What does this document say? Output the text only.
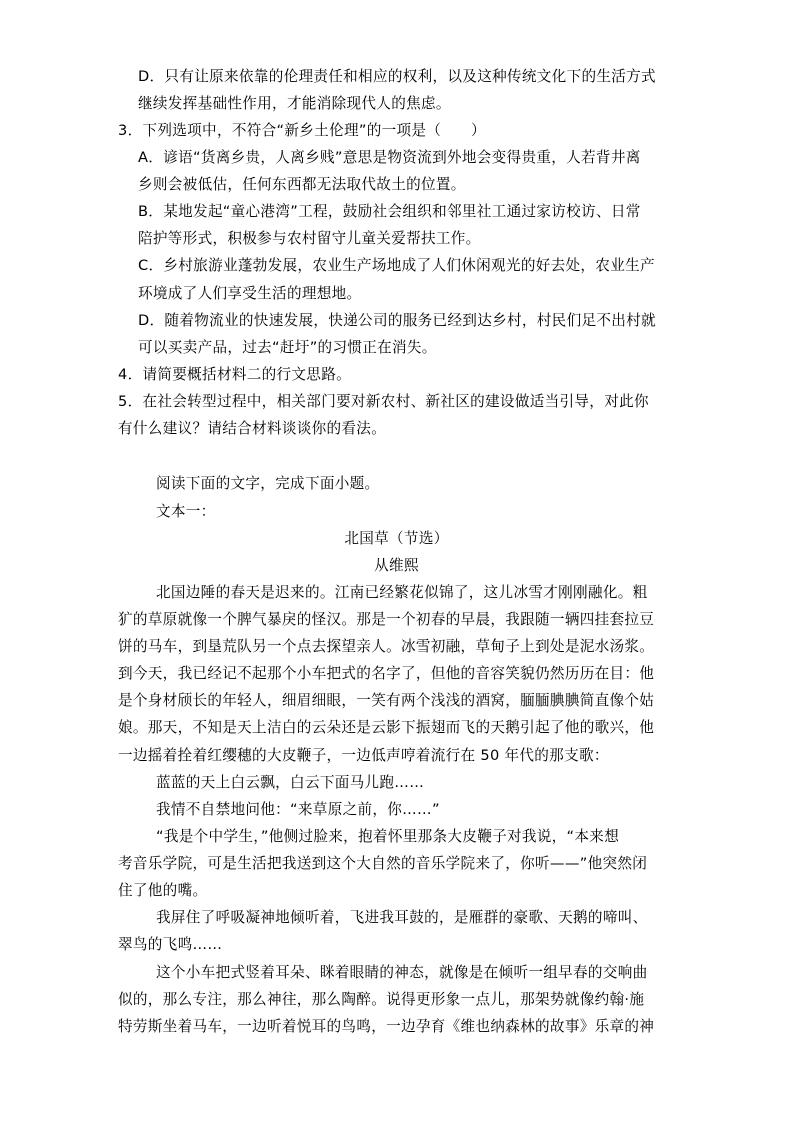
D．只有让原来依靠的伦理责任和相应的权利，以及这种传统文化下的生活方式
继续发挥基础性作用，才能消除现代人的焦虑。
3．下列选项中，不符合“新乡土伦理”的一项是（　　）
A．谚语“货离乡贵，人离乡贱”意思是物资流到外地会变得贵重，人若背井离
乡则会被低估，任何东西都无法取代故土的位置。
B．某地发起“童心港湾”工程，鼓励社会组织和邻里社工通过家访校访、日常
陪护等形式，积极参与农村留守儿童关爱帮扶工作。
C．乡村旅游业蓬勃发展，农业生产场地成了人们休闲观光的好去处，农业生产
环境成了人们享受生活的理想地。
D．随着物流业的快速发展，快递公司的服务已经到达乡村，村民们足不出村就
可以买卖产品，过去“赶圩”的习惯正在消失。
4．请简要概括材料二的行文思路。
5．在社会转型过程中，相关部门要对新农村、新社区的建设做适当引导，对此你
有什么建议？请结合材料谈谈你的看法。
阅读下面的文字，完成下面小题。
文本一：
北国草（节选）
从维熙
北国边陲的春天是迟来的。江南已经繁花似锦了，这儿冰雪才刚刚融化。粗
犷的草原就像一个脾气暴戾的怪汉。那是一个初春的早晨，我跟随一辆四挂套拉豆
饼的马车，到垦荒队另一个点去探望亲人。冰雪初融，草甸子上到处是泥水汤浆。
到今天，我已经记不起那个小车把式的名字了，但他的音容笑貌仍然历历在目：他
是个身材颀长的年轻人，细眉细眼，一笑有两个浅浅的酒窝，腼腼腆腆简直像个姑
娘。那天，不知是天上洁白的云朵还是云影下振翅而飞的天鹅引起了他的歌兴，他
一边摇着拴着红缨穗的大皮鞭子，一边低声哼着流行在 50 年代的那支歌：
蓝蓝的天上白云飘，白云下面马儿跑……
我情不自禁地问他：“来草原之前，你……”
“我是个中学生，”他侧过脸来，抱着怀里那条大皮鞭子对我说，“本来想
考音乐学院，可是生活把我送到这个大自然的音乐学院来了，你听——”他突然闭
住了他的嘴。
我屏住了呼吸凝神地倾听着，飞进我耳鼓的，是雁群的豪歌、天鹅的啼叫、
翠鸟的飞鸣……
这个小车把式竖着耳朵、眯着眼睛的神态，就像是在倾听一组早春的交响曲
似的，那么专注，那么神往，那么陶醉。说得更形象一点儿，那架势就像约翰·施
特劳斯坐着马车，一边听着悦耳的鸟鸣，一边孕育《维也纳森林的故事》乐章的神
